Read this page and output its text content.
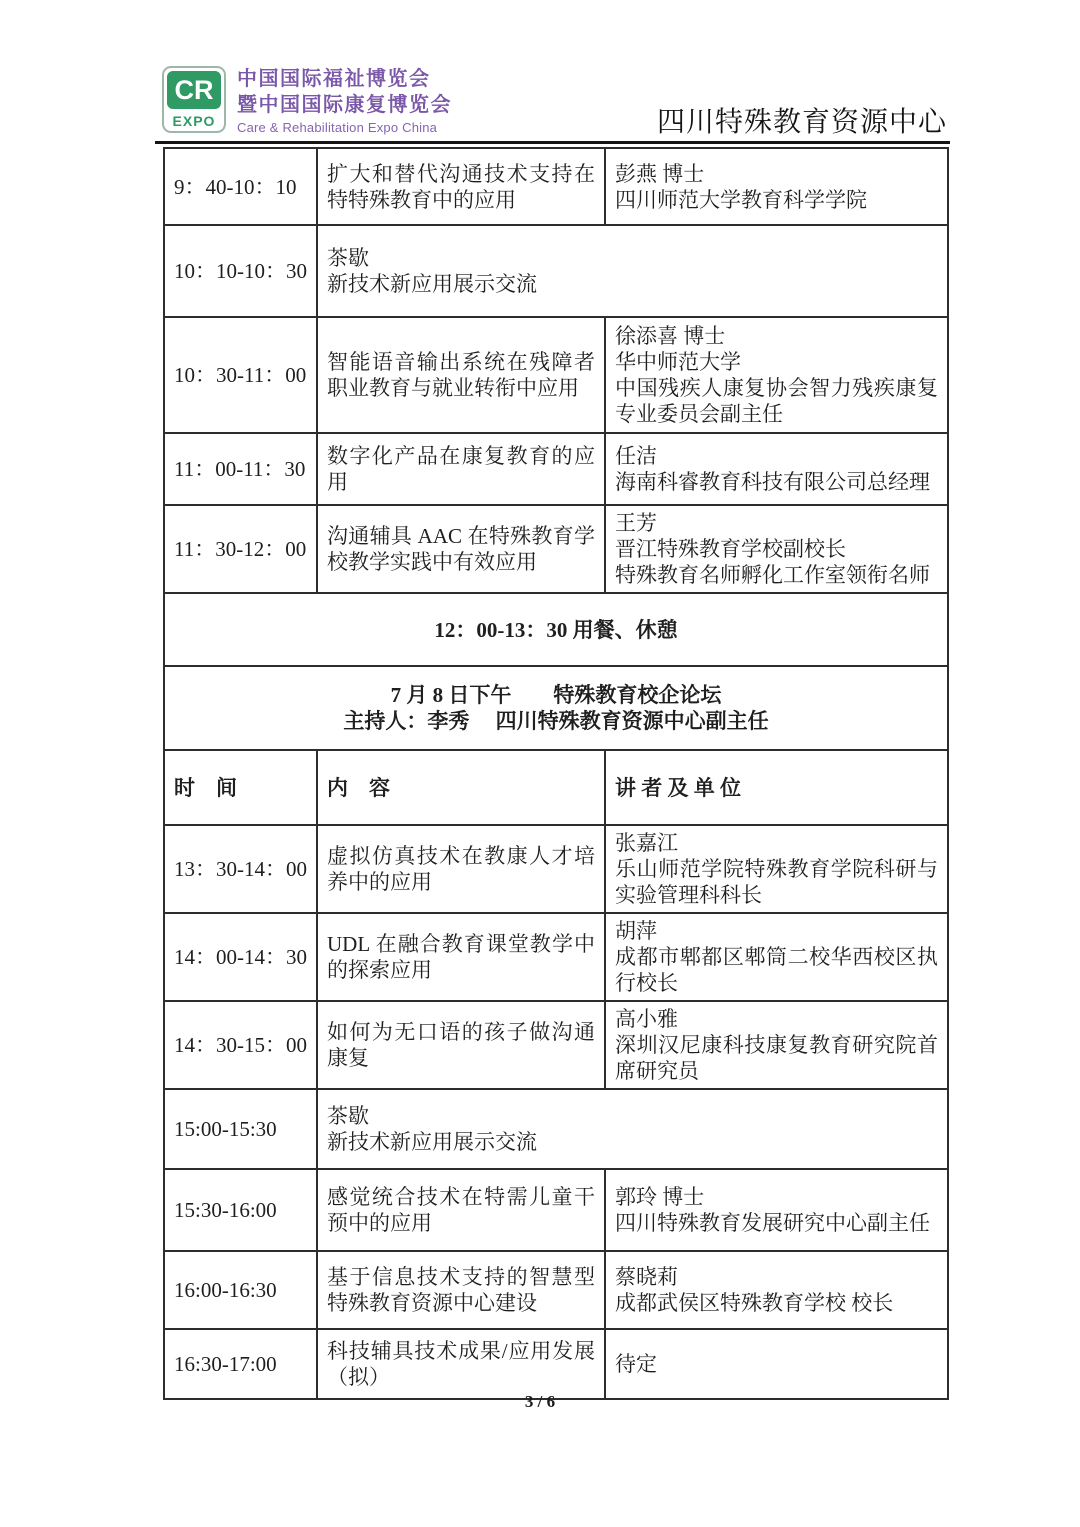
CR
EXPO
中国国际福祉博览会
暨中国国际康复博览会
Care & Rehabilitation Expo China	四川特殊教育资源中心
9：40-10：10	扩大和替代沟通技术支持在特特殊教育中的应用	彭燕 博士
四川师范大学教育科学学院

10：10-10：30	茶歇
新技术新应用展示交流	

10：30-11：00	智能语音输出系统在残障者职业教育与就业转衔中应用	徐添喜 博士
华中师范大学
中国残疾人康复协会智力残疾康复专业委员会副主任

11：00-11：30	数字化产品在康复教育的应用	任洁
海南科睿教育科技有限公司总经理

11：30-12：00	沟通辅具 AAC 在特殊教育学校教学实践中有效应用	王芳
晋江特殊教育学校副校长
特殊教育名师孵化工作室领衔名师

12：00-13：30 用餐、休憩		

7 月 8 日下午　　特殊教育校企论坛
主持人：李秀　 四川特殊教育资源中心副主任		

时　间	内　容	讲 者 及 单 位
13：30-14：00	虚拟仿真技术在教康人才培养中的应用	张嘉江
乐山师范学院特殊教育学院科研与实验管理科科长

14：00-14：30	UDL 在融合教育课堂教学中的探索应用	胡萍
成都市郫都区郫筒二校华西校区执行校长

14：30-15：00	如何为无口语的孩子做沟通康复	高小雅
深圳汉尼康科技康复教育研究院首席研究员

15:00-15:30	茶歇
新技术新应用展示交流	

15:30-16:00	感觉统合技术在特需儿童干预中的应用	郭玲 博士
四川特殊教育发展研究中心副主任

16:00-16:30	基于信息技术支持的智慧型特殊教育资源中心建设	蔡晓莉
成都武侯区特殊教育学校 校长

16:30-17:00	科技辅具技术成果/应用发展（拟）	待定
3 / 6
